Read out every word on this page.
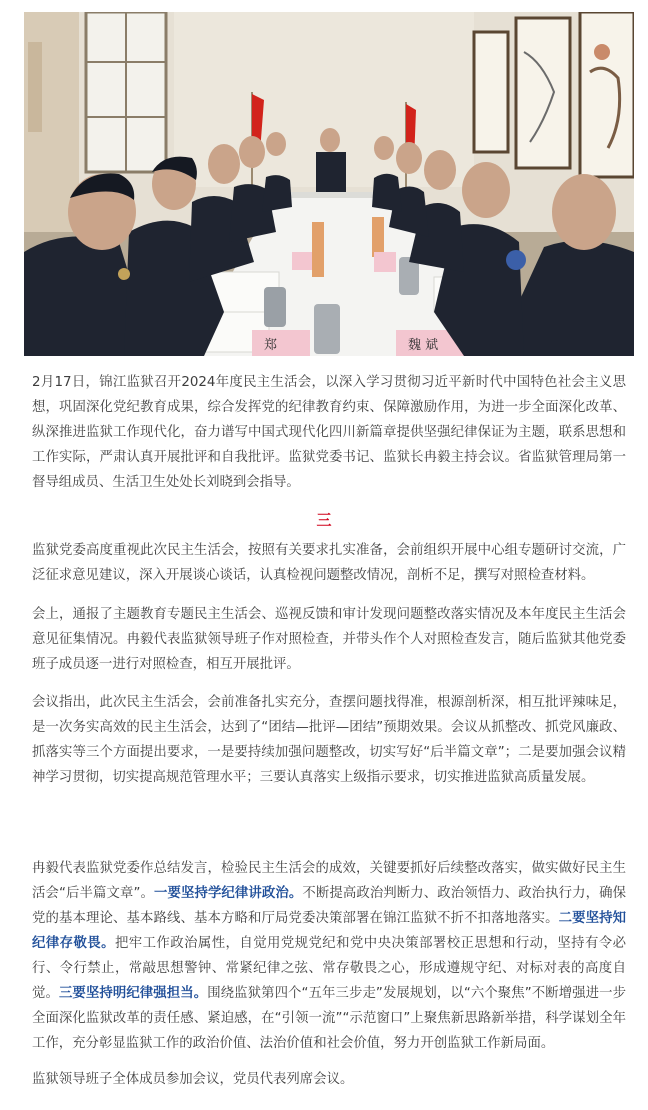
郑	魏 斌

2月17日，锦江监狱召开2024年度民主生活会，以深入学习贯彻习近平新时代中国特色社会主义思想，巩固深化党纪教育成果，综合发挥党的纪律教育约束、保障激励作用，为进一步全面深化改革、纵深推进监狱工作现代化，奋力谱写中国式现代化四川新篇章提供坚强纪律保证为主题，联系思想和工作实际，严肃认真开展批评和自我批评。监狱党委书记、监狱长冉毅主持会议。省监狱管理局第一督导组成员、生活卫生处处长刘晓到会指导。

三

监狱党委高度重视此次民主生活会，按照有关要求扎实准备，会前组织开展中心组专题研讨交流，广泛征求意见建议，深入开展谈心谈话，认真检视问题整改情况，剖析不足，撰写对照检查材料。

会上，通报了主题教育专题民主生活会、巡视反馈和审计发现问题整改落实情况及本年度民主生活会意见征集情况。冉毅代表监狱领导班子作对照检查，并带头作个人对照检查发言，随后监狱其他党委班子成员逐一进行对照检查，相互开展批评。

会议指出，此次民主生活会，会前准备扎实充分，查摆问题找得准，根源剖析深，相互批评辣味足，是一次务实高效的民主生活会，达到了“团结—批评—团结”预期效果。会议从抓整改、抓党风廉政、抓落实等三个方面提出要求，一是要持续加强问题整改，切实写好“后半篇文章”；二是要加强会议精神学习贯彻，切实提高规范管理水平；三要认真落实上级指示要求，切实推进监狱高质量发展。

冉毅代表监狱党委作总结发言，检验民主生活会的成效，关键要抓好后续整改落实，做实做好民主生活会“后半篇文章”。一要坚持学纪律讲政治。不断提高政治判断力、政治领悟力、政治执行力，确保党的基本理论、基本路线、基本方略和厅局党委决策部署在锦江监狱不折不扣落地落实。二要坚持知纪律存敬畏。把牢工作政治属性，自觉用党规党纪和党中央决策部署校正思想和行动，坚持有令必行、令行禁止，常敲思想警钟、常紧纪律之弦、常存敬畏之心，形成遵规守纪、对标对表的高度自觉。三要坚持明纪律强担当。围绕监狱第四个“五年三步走”发展规划，以“六个聚焦”不断增强进一步全面深化监狱改革的责任感、紧迫感，在“引领一流”“示范窗口”上聚焦新思路新举措，科学谋划全年工作，充分彰显监狱工作的政治价值、法治价值和社会价值，努力开创监狱工作新局面。

监狱领导班子全体成员参加会议，党员代表列席会议。
